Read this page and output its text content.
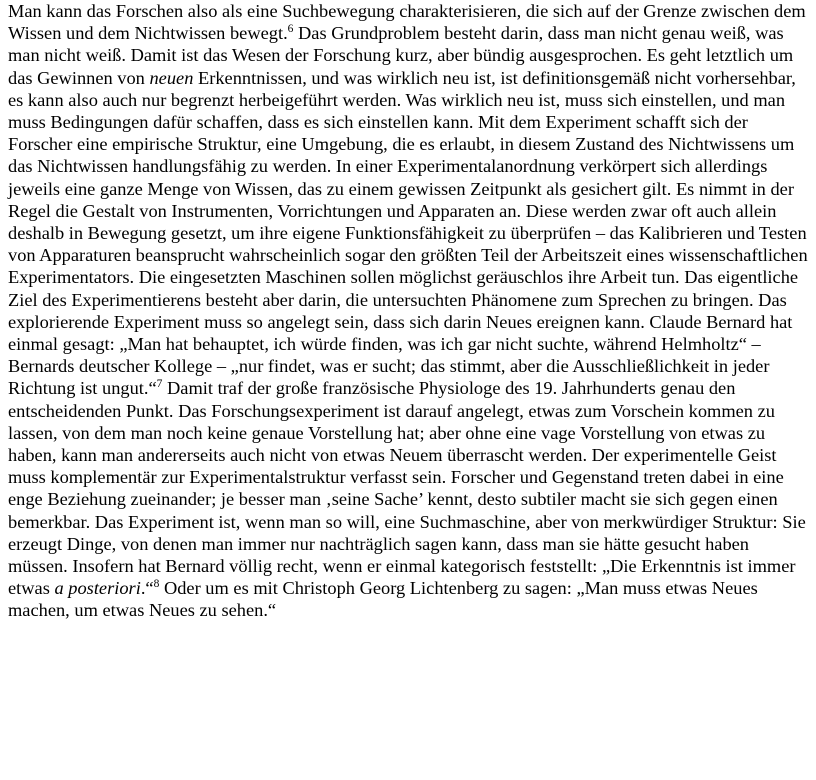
Man kann das Forschen also als eine Suchbewegung charakterisieren, die sich auf der Grenze zwischen dem Wissen und dem Nichtwissen bewegt.$^6$ Das Grundproblem besteht darin, dass man nicht genau weiß, was man nicht weiß. Damit ist das Wesen der Forschung kurz, aber bündig ausgesprochen. Es geht letztlich um das Gewinnen von neuen Erkenntnissen, und was wirklich neu ist, ist definitionsgemäß nicht vorhersehbar, es kann also auch nur begrenzt herbeigeführt werden. Was wirklich neu ist, muss sich einstellen, und man muss Bedingungen dafür schaffen, dass es sich einstellen kann. Mit dem Experiment schafft sich der Forscher eine empirische Struktur, eine Umgebung, die es erlaubt, in diesem Zustand des Nichtwissens um das Nichtwissen handlungsfähig zu werden. In einer Experimentalanordnung verkörpert sich allerdings jeweils eine ganze Menge von Wissen, das zu einem gewissen Zeitpunkt als gesichert gilt. Es nimmt in der Regel die Gestalt von Instrumenten, Vorrichtungen und Apparaten an. Diese werden zwar oft auch allein deshalb in Bewegung gesetzt, um ihre eigene Funktionsfähigkeit zu überprüfen – das Kalibrieren und Testen von Apparaturen beansprucht wahrscheinlich sogar den größten Teil der Arbeitszeit eines wissenschaftlichen Experimentators. Die eingesetzten Maschinen sollen möglichst geräuschlos ihre Arbeit tun. Das eigentliche Ziel des Experimentierens besteht aber darin, die untersuchten Phänomene zum Sprechen zu bringen. Das explorierende Experiment muss so angelegt sein, dass sich darin Neues ereignen kann. Claude Bernard hat einmal gesagt: „Man hat behauptet, ich würde finden, was ich gar nicht suchte, während Helmholtz“ – Bernards deutscher Kollege – „nur findet, was er sucht; das stimmt, aber die Ausschließlichkeit in jeder Richtung ist ungut.“$^7$ Damit traf der große französische Physiologe des 19. Jahrhunderts genau den entscheidenden Punkt. Das Forschungsexperiment ist darauf angelegt, etwas zum Vorschein kommen zu lassen, von dem man noch keine genaue Vorstellung hat; aber ohne eine vage Vorstellung von etwas zu haben, kann man andererseits auch nicht von etwas Neuem überrascht werden. Der experimentelle Geist muss komplementär zur Experimentalstruktur verfasst sein. Forscher und Gegenstand treten dabei in eine enge Beziehung zueinander; je besser man ‚seine Sache’ kennt, desto subtiler macht sie sich gegen einen bemerkbar. Das Experiment ist, wenn man so will, eine Suchmaschine, aber von merkwürdiger Struktur: Sie erzeugt Dinge, von denen man immer nur nachträglich sagen kann, dass man sie hätte gesucht haben müssen. Insofern hat Bernard völlig recht, wenn er einmal kategorisch feststellt: „Die Erkenntnis ist immer etwas a posteriori.“$^8$ Oder um es mit Christoph Georg Lichtenberg zu sagen: „Man muss etwas Neues machen, um etwas Neues zu sehen.“
